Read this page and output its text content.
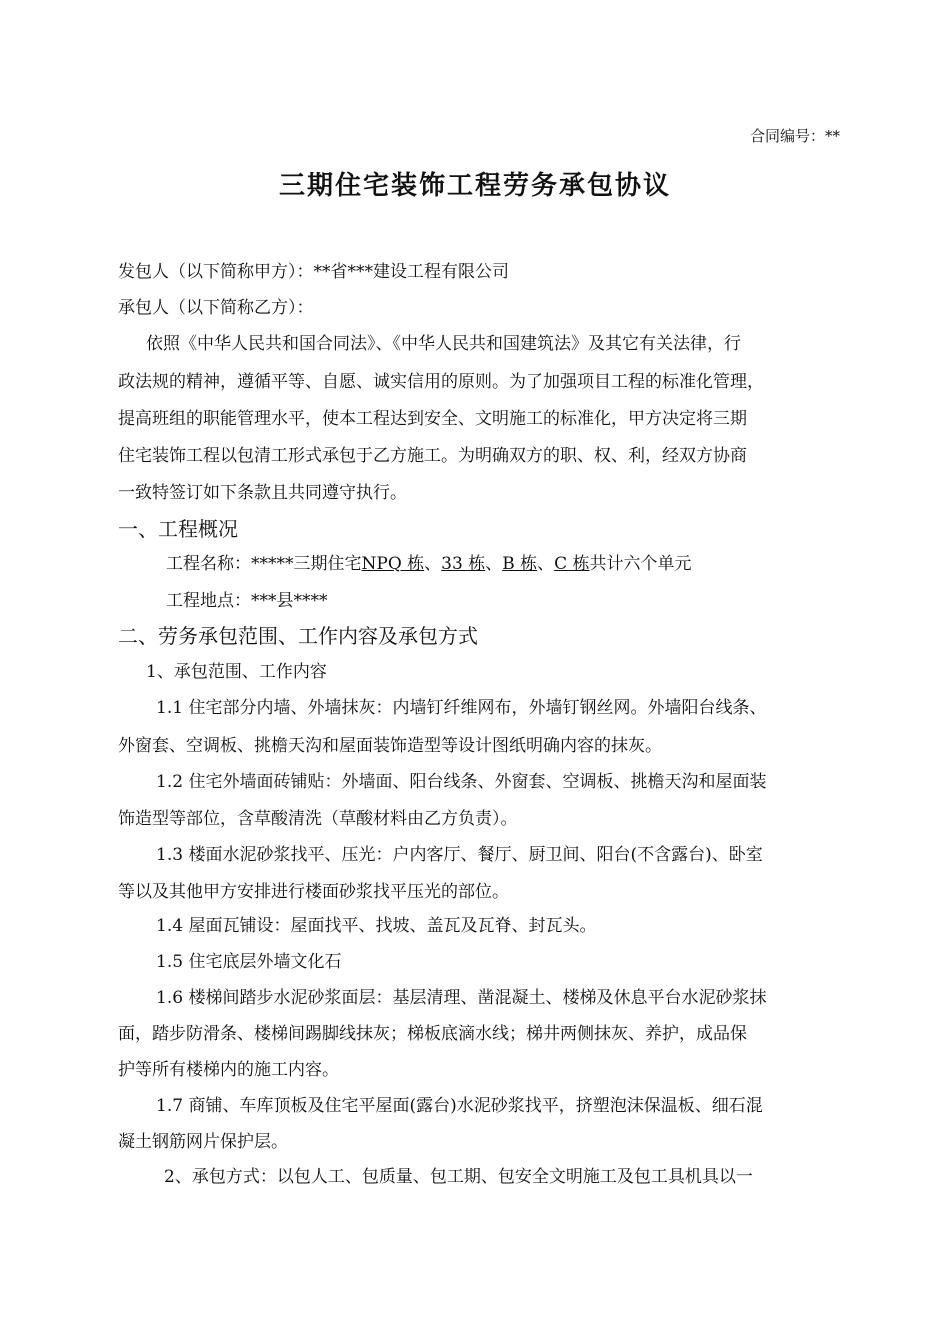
合同编号：**
三期住宅装饰工程劳务承包协议
发包人（以下简称甲方）：**省***建设工程有限公司
承包人（以下简称乙方）：
依照《中华人民共和国合同法》、《中华人民共和国建筑法》及其它有关法律，行
政法规的精神，遵循平等、自愿、诚实信用的原则。为了加强项目工程的标准化管理，
提高班组的职能管理水平，使本工程达到安全、文明施工的标准化，甲方决定将三期
住宅装饰工程以包清工形式承包于乙方施工。为明确双方的职、权、利，经双方协商
一致特签订如下条款且共同遵守执行。
一、工程概况
工程名称：*****三期住宅NPQ 栋、33 栋、B 栋、C 栋共计六个单元
工程地点：***县****
二、劳务承包范围、工作内容及承包方式
1、承包范围、工作内容
1.1 住宅部分内墙、外墙抹灰：内墙钉纤维网布，外墙钉钢丝网。外墙阳台线条、
外窗套、空调板、挑檐天沟和屋面装饰造型等设计图纸明确内容的抹灰。
1.2 住宅外墙面砖铺贴：外墙面、阳台线条、外窗套、空调板、挑檐天沟和屋面装
饰造型等部位，含草酸清洗（草酸材料由乙方负责）。
1.3 楼面水泥砂浆找平、压光：户内客厅、餐厅、厨卫间、阳台(不含露台)、卧室
等以及其他甲方安排进行楼面砂浆找平压光的部位。
1.4 屋面瓦铺设：屋面找平、找坡、盖瓦及瓦脊、封瓦头。
1.5 住宅底层外墙文化石
1.6 楼梯间踏步水泥砂浆面层：基层清理、凿混凝土、楼梯及休息平台水泥砂浆抹
面，踏步防滑条、楼梯间踢脚线抹灰；梯板底滴水线；梯井两侧抹灰、养护，成品保
护等所有楼梯内的施工内容。
1.7 商铺、车库顶板及住宅平屋面(露台)水泥砂浆找平，挤塑泡沫保温板、细石混
凝土钢筋网片保护层。
2、承包方式：以包人工、包质量、包工期、包安全文明施工及包工具机具以一
